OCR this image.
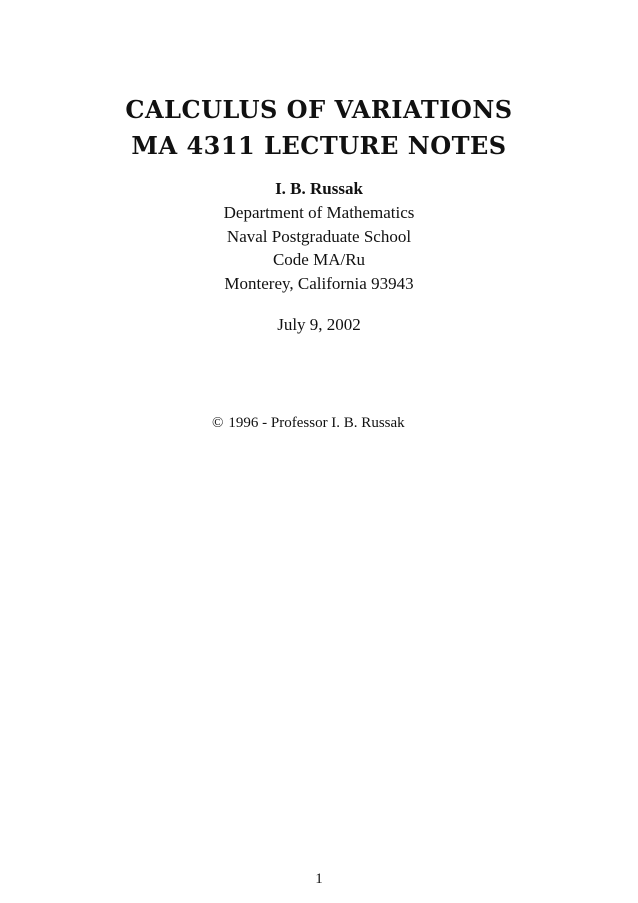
CALCULUS OF VARIATIONS
MA 4311 LECTURE NOTES
I. B. Russak
Department of Mathematics
Naval Postgraduate School
Code MA/Ru
Monterey, California 93943
July 9, 2002
© 1996 - Professor I. B. Russak
1
